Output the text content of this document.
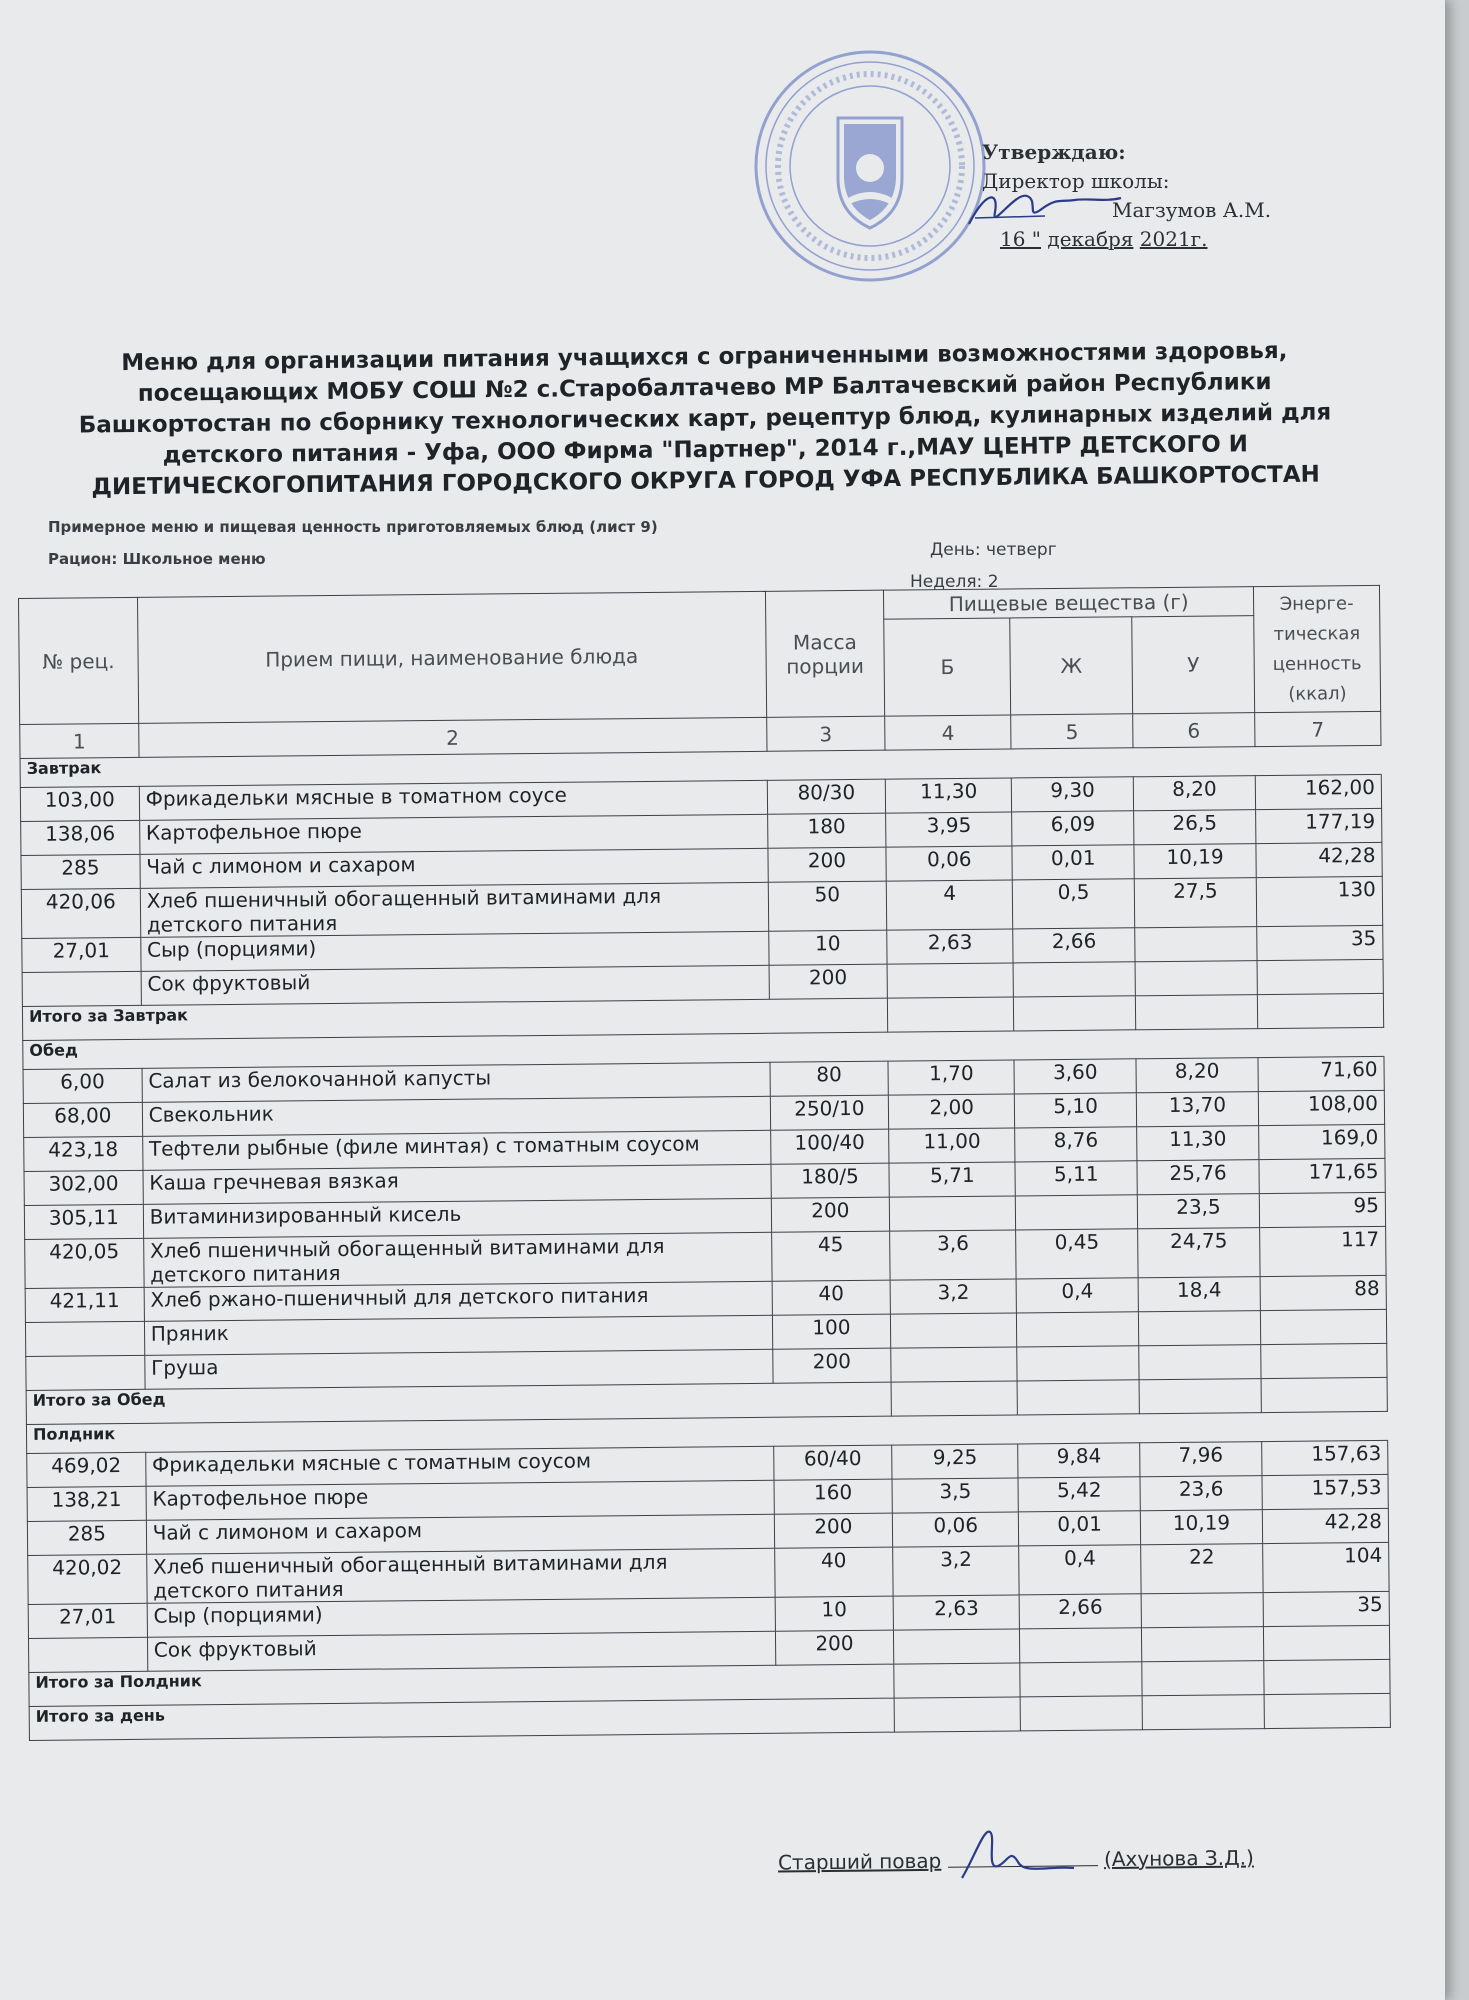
Утверждаю:
Директор школы:
Магзумов А.М.
16 " декабря 2021г.
Меню для организации питания учащихся с ограниченными возможностями здоровья,
посещающих МОБУ СОШ №2 с.Старобалтачево МР Балтачевский район Республики
Башкортостан по сборнику технологических карт, рецептур блюд, кулинарных изделий для
детского питания - Уфа, ООО Фирма "Партнер", 2014 г.,МАУ ЦЕНТР ДЕТСКОГО И
ДИЕТИЧЕСКОГОПИТАНИЯ ГОРОДСКОГО ОКРУГА ГОРОД УФА РЕСПУБЛИКА БАШКОРТОСТАН
Примерное меню и пищевая ценность приготовляемых блюд (лист 9)
Рацион: Школьное меню	День: четверг
Неделя: 2
№ рец.	Прием пищи, наименование блюда	Масса порции	Пищевые вещества (г)			Энерге-тическая ценность (ккал)
			Б	Ж	У	
1	2	3	4	5	6	7
Завтрак						
103,00	Фрикадельки мясные в томатном соусе	80/30	11,30	9,30	8,20	162,00
138,06	Картофельное пюре	180	3,95	6,09	26,5	177,19
285	Чай с лимоном и сахаром	200	0,06	0,01	10,19	42,28
420,06	Хлеб пшеничный обогащенный витаминами для детского питания	50	4	0,5	27,5	130
27,01	Сыр (порциями)	10	2,63	2,66		35
	Сок фруктовый	200				
Итого за Завтрак						
Обед						
6,00	Салат из белокочанной капусты	80	1,70	3,60	8,20	71,60
68,00	Свекольник	250/10	2,00	5,10	13,70	108,00
423,18	Тефтели рыбные (филе минтая) с томатным соусом	100/40	11,00	8,76	11,30	169,0
302,00	Каша гречневая вязкая	180/5	5,71	5,11	25,76	171,65
305,11	Витаминизированный кисель	200			23,5	95
420,05	Хлеб пшеничный обогащенный витаминами для детского питания	45	3,6	0,45	24,75	117
421,11	Хлеб ржано-пшеничный для детского питания	40	3,2	0,4	18,4	88
	Пряник	100				
	Груша	200				
Итого за Обед						
Полдник						
469,02	Фрикадельки мясные с томатным соусом	60/40	9,25	9,84	7,96	157,63
138,21	Картофельное пюре	160	3,5	5,42	23,6	157,53
285	Чай с лимоном и сахаром	200	0,06	0,01	10,19	42,28
420,02	Хлеб пшеничный обогащенный витаминами для детского питания	40	3,2	0,4	22	104
27,01	Сыр (порциями)	10	2,63	2,66		35
	Сок фруктовый	200				
Итого за Полдник						
Итого за день						
Старший повар	(Ахунова З.Д.)
